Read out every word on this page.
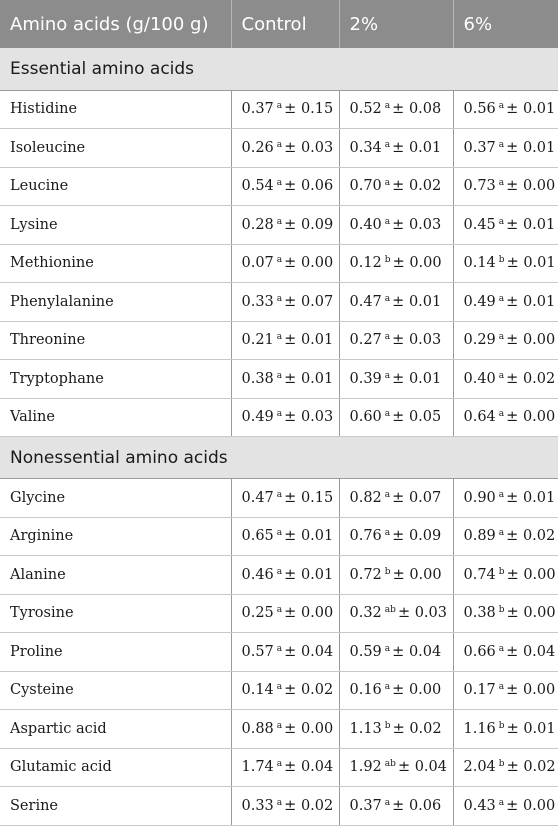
Amino acids (g/100 g)	Control	2%	6%
Essential amino acids			
Histidine	0.37 $^a$ ± 0.15	0.52 $^a$ ± 0.08	0.56 $^a$ ± 0.01
Isoleucine	0.26 $^a$ ± 0.03	0.34 $^a$ ± 0.01	0.37 $^a$ ± 0.01
Leucine	0.54 $^a$ ± 0.06	0.70 $^a$ ± 0.02	0.73 $^a$ ± 0.00
Lysine	0.28 $^a$ ± 0.09	0.40 $^a$ ± 0.03	0.45 $^a$ ± 0.01
Methionine	0.07 $^a$ ± 0.00	0.12 $^b$ ± 0.00	0.14 $^b$ ± 0.01
Phenylalanine	0.33 $^a$ ± 0.07	0.47 $^a$ ± 0.01	0.49 $^a$ ± 0.01
Threonine	0.21 $^a$ ± 0.01	0.27 $^a$ ± 0.03	0.29 $^a$ ± 0.00
Tryptophane	0.38 $^a$ ± 0.01	0.39 $^a$ ± 0.01	0.40 $^a$ ± 0.02
Valine	0.49 $^a$ ± 0.03	0.60 $^a$ ± 0.05	0.64 $^a$ ± 0.00
Nonessential amino acids			
Glycine	0.47 $^a$ ± 0.15	0.82 $^a$ ± 0.07	0.90 $^a$ ± 0.01
Arginine	0.65 $^a$ ± 0.01	0.76 $^a$ ± 0.09	0.89 $^a$ ± 0.02
Alanine	0.46 $^a$ ± 0.01	0.72 $^b$ ± 0.00	0.74 $^b$ ± 0.00
Tyrosine	0.25 $^a$ ± 0.00	0.32 $^{ab}$ ± 0.03	0.38 $^b$ ± 0.00
Proline	0.57 $^a$ ± 0.04	0.59 $^a$ ± 0.04	0.66 $^a$ ± 0.04
Cysteine	0.14 $^a$ ± 0.02	0.16 $^a$ ± 0.00	0.17 $^a$ ± 0.00
Aspartic acid	0.88 $^a$ ± 0.00	1.13 $^b$ ± 0.02	1.16 $^b$ ± 0.01
Glutamic acid	1.74 $^a$ ± 0.04	1.92 $^{ab}$ ± 0.04	2.04 $^b$ ± 0.02
Serine	0.33 $^a$ ± 0.02	0.37 $^a$ ± 0.06	0.43 $^a$ ± 0.00
